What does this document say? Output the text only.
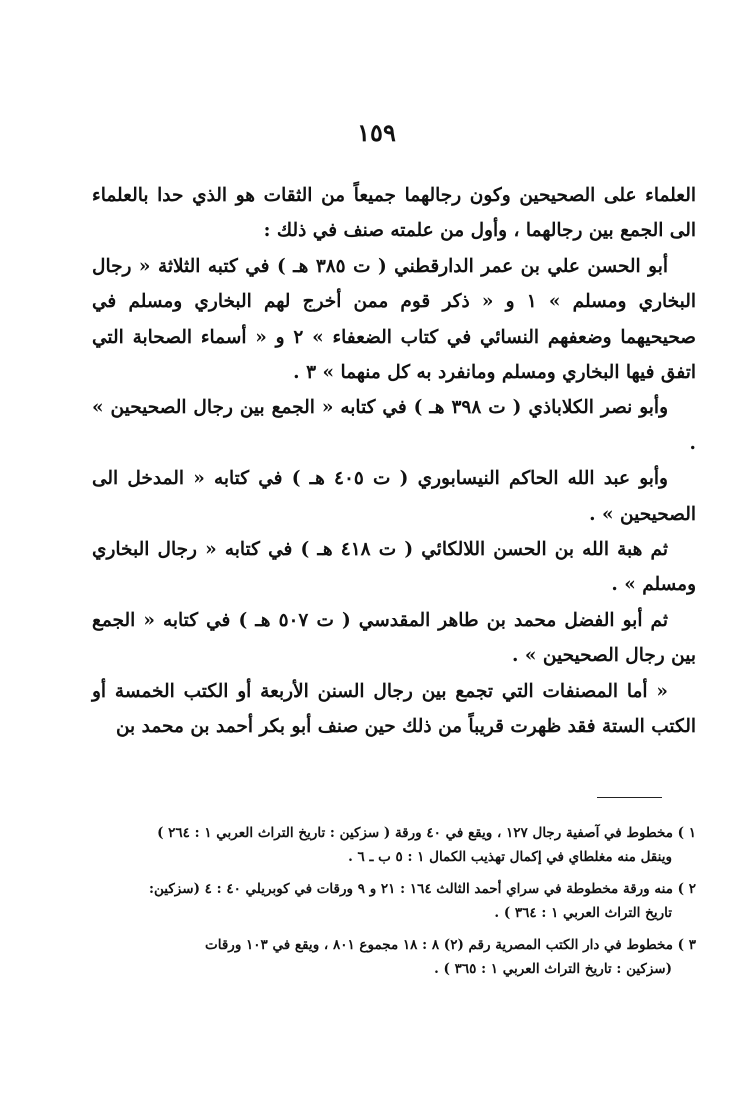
١٥٩

العلماء على الصحيحين وكون رجالهما جميعاً من الثقات هو الذي حدا بالعلماء الى الجمع بين رجالهما ، وأول من علمته صنف في ذلك :

أبو الحسن علي بن عمر الدارقطني ( ت ٣٨٥ هـ ) في كتبه الثلاثة « رجال البخاري ومسلم » ١ و « ذكر قوم ممن أخرج لهم البخاري ومسلم في صحيحيهما وضعفهم النسائي في كتاب الضعفاء » ٢ و « أسماء الصحابة التي اتفق فيها البخاري ومسلم ومانفرد به كل منهما » ٣ .

وأبو نصر الكلاباذي ( ت ٣٩٨ هـ ) في كتابه « الجمع بين رجال الصحيحين » .

وأبو عبد الله الحاكم النيسابوري ( ت ٤٠٥ هـ ) في كتابه « المدخل الى الصحيحين » .

ثم هبة الله بن الحسن اللالكائي ( ت ٤١٨ هـ ) في كتابه « رجال البخاري ومسلم » .

ثم أبو الفضل محمد بن طاهر المقدسي ( ت ٥٠٧ هـ ) في كتابه « الجمع بين رجال الصحيحين » .

« أما المصنفات التي تجمع بين رجال السنن الأربعة أو الكتب الخمسة أو الكتب الستة فقد ظهرت قريباً من ذلك حين صنف أبو بكر أحمد بن محمد بن

١ ) مخطوط في آصفية رجال ١٢٧ ، ويقع في ٤٠ ورقة ( سزكين : تاريخ التراث العربي ١ : ٢٦٤ )
وينقل منه مغلطاي في إكمال تهذيب الكمال ١ : ٥ ب ـ ٦ .
٢ ) منه ورقة مخطوطة في سراي أحمد الثالث ١٦٤ : ٢١ و ٩ ورقات في كوبريلي ٤٠ : ٤ (سزكين:
تاريخ التراث العربي ١ : ٣٦٤ ) .
٣ ) مخطوط في دار الكتب المصرية رقم (٢) ٨ : ١٨ مجموع ٨٠١ ، ويقع في ١٠٣ ورقات
(سزكين : تاريخ التراث العربي ١ : ٣٦٥ ) .
